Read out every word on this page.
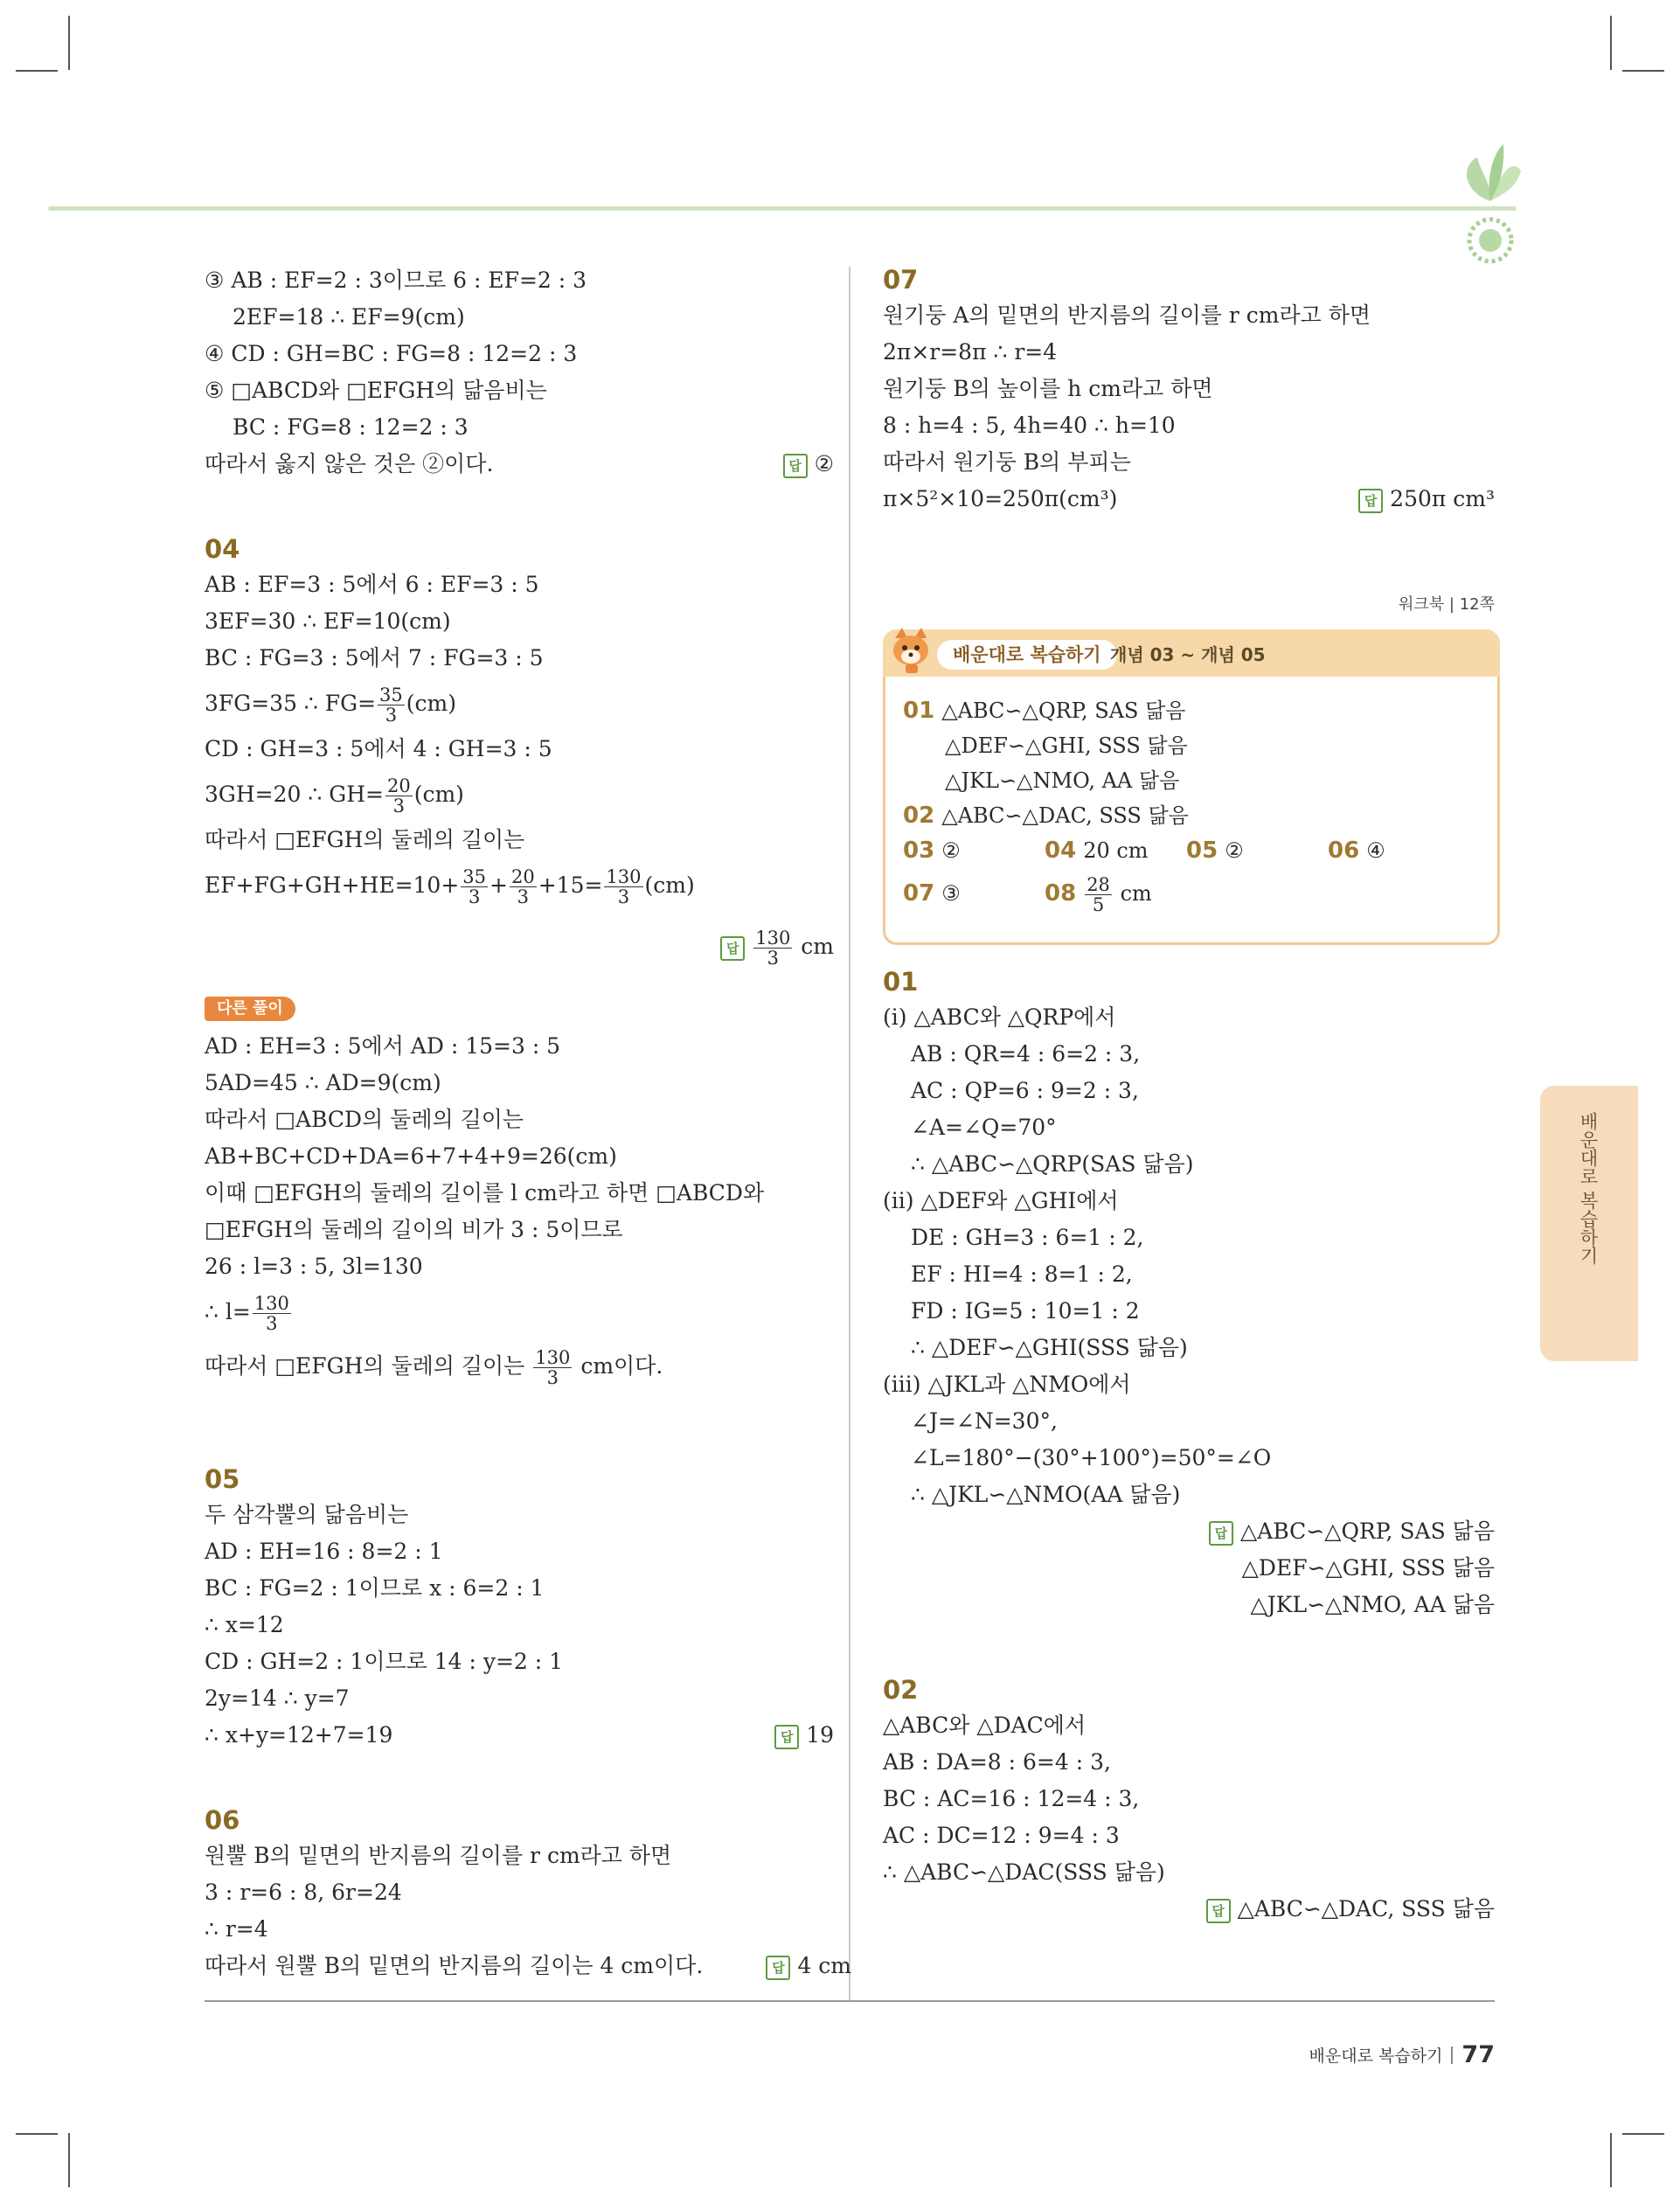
③ AB : EF=2 : 3이므로 6 : EF=2 : 3
2EF=18 ∴ EF=9(cm)
④ CD : GH=BC : FG=8 : 12=2 : 3
⑤ □ABCD와 □EFGH의 닮음비는
BC : FG=8 : 12=2 : 3
따라서 옳지 않은 것은 ②이다.	답 ②
04
AB : EF=3 : 5에서 6 : EF=3 : 5
3EF=30 ∴ EF=10(cm)
BC : FG=3 : 5에서 7 : FG=3 : 5
3FG=35 ∴ $FG= \frac{35}{3} (cm)$
CD : GH=3 : 5에서 4 : GH=3 : 5
3GH=20 ∴ $GH= \frac{20}{3} (cm)$
따라서 □EFGH의 둘레의 길이는
$EF+FG+GH+HE=10+ \frac{35}{3} + \frac{20}{3} +15= \frac{130}{3} (cm)$
답 $\frac{130}{3}$ cm
다른 풀이
AD : EH=3 : 5에서 AD : 15=3 : 5
5AD=45 ∴ AD=9(cm)
따라서 □ABCD의 둘레의 길이는
AB+BC+CD+DA=6+7+4+9=26(cm)
이때 □EFGH의 둘레의 길이를 l cm라고 하면 □ABCD와
□EFGH의 둘레의 길이의 비가 3 : 5이므로
26 : l=3 : 5, 3l=130
∴ $l= \frac{130}{3}$
따라서 □EFGH의 둘레의 길이는 $\frac{130}{3}$ cm이다.
05
두 삼각뿔의 닮음비는
AD : EH=16 : 8=2 : 1
BC : FG=2 : 1이므로 x : 6=2 : 1
∴ x=12
CD : GH=2 : 1이므로 14 : y=2 : 1
2y=14 ∴ y=7
∴ x+y=12+7=19	답 19
06
원뿔 B의 밑면의 반지름의 길이를 r cm라고 하면
3 : r=6 : 8, 6r=24
∴ r=4
따라서 원뿔 B의 밑면의 반지름의 길이는 4 cm이다.	답 4 cm
07
원기둥 A의 밑면의 반지름의 길이를 r cm라고 하면
2π×r=8π ∴ r=4
원기둥 B의 높이를 h cm라고 하면
8 : h=4 : 5, 4h=40 ∴ h=10
따라서 원기둥 B의 부피는
π×5²×10=250π(cm³)	답 250π cm³
워크북 | 12쪽
배운대로 복습하기 개념 03 ~ 개념 05
01 △ABC∽△QRP, SAS 닮음
△DEF∽△GHI, SSS 닮음
△JKL∽△NMO, AA 닮음
02 △ABC∽△DAC, SSS 닮음
03 ②	04 20 cm 05 ②	06 ④
07 ③	$08 \frac{28}{5}$ cm
01
(ⅰ) △ABC와 △QRP에서
AB : QR=4 : 6=2 : 3,
AC : QP=6 : 9=2 : 3,
∠A=∠Q=70°
∴ △ABC∽△QRP(SAS 닮음)
(ⅱ) △DEF와 △GHI에서
DE : GH=3 : 6=1 : 2,
EF : HI=4 : 8=1 : 2,
FD : IG=5 : 10=1 : 2
∴ △DEF∽△GHI(SSS 닮음)
(ⅲ) △JKL과 △NMO에서
∠J=∠N=30°,
∠L=180°−(30°+100°)=50°=∠O
∴ △JKL∽△NMO(AA 닮음)
답 △ABC∽△QRP, SAS 닮음
△DEF∽△GHI, SSS 닮음
△JKL∽△NMO, AA 닮음
02
△ABC와 △DAC에서
AB : DA=8 : 6=4 : 3,
BC : AC=16 : 12=4 : 3,
AC : DC=12 : 9=4 : 3
∴ △ABC∽△DAC(SSS 닮음)
답 △ABC∽△DAC, SSS 닮음
배운대로 복습하기
배운대로 복습하기 77
